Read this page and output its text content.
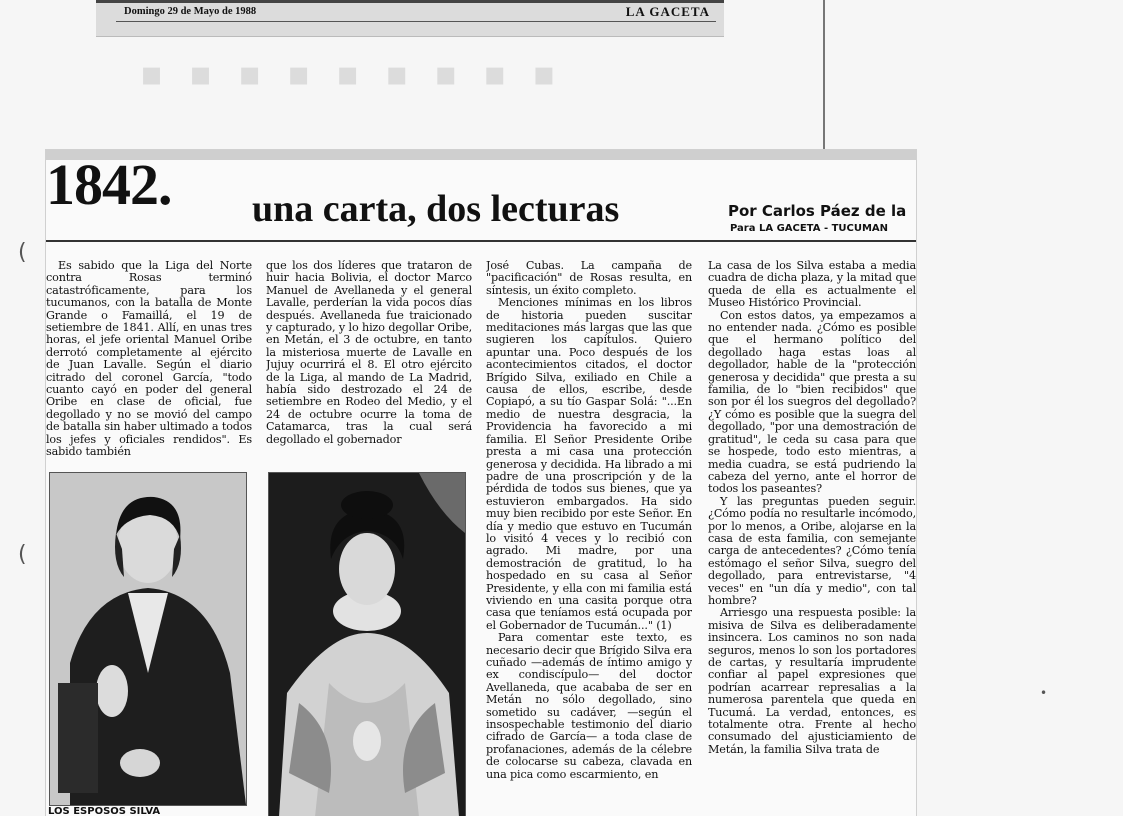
Domingo 29 de Mayo de 1988	LA GACETA
▪▪▪▪▪▪▪▪▪
(
(
•
1842. una carta, dos lecturas	Por Carlos Páez de la
Para LA GACETA - TUCUMAN

Es sabido que la Liga del Norte contra Rosas terminó catastróficamente, para los tucumanos, con la batalla de Monte Grande o Famaillá, el 19 de setiembre de 1841. Allí, en unas tres horas, el jefe oriental Manuel Oribe derrotó completamente al ejército de Juan Lavalle. Según el diario citrado del coronel García, "todo cuanto cayó en poder del general Oribe en clase de oficial, fue degollado y no se movió del campo de batalla sin haber ultimado a todos los jefes y oficiales rendidos". Es sabido también

que los dos líderes que trataron de huir hacia Bolivia, el doctor Marco Manuel de Avellaneda y el general Lavalle, perderían la vida pocos días después. Avellaneda fue traicionado y capturado, y lo hizo degollar Oribe, en Metán, el 3 de octubre, en tanto la misteriosa muerte de Lavalle en Jujuy ocurrirá el 8. El otro ejército de la Liga, al mando de La Madrid, había sido destrozado el 24 de setiembre en Rodeo del Medio, y el 24 de octubre ocurre la toma de Catamarca, tras la cual será degollado el gobernador

José Cubas. La campaña de "pacificación" de Rosas resulta, en síntesis, un éxito completo.

Menciones mínimas en los libros de historia pueden suscitar meditaciones más largas que las que sugieren los capítulos. Quiero apuntar una. Poco después de los acontecimientos citados, el doctor Brígido Silva, exiliado en Chile a causa de ellos, escribe, desde Copiapó, a su tío Gaspar Solá: "...En medio de nuestra desgracia, la Providencia ha favorecido a mi familia. El Señor Presidente Oribe presta a mi casa una protección generosa y decidida. Ha librado a mi padre de una proscripción y de la pérdida de todos sus bienes, que ya estuvieron embargados. Ha sido muy bien recibido por este Señor. En día y medio que estuvo en Tucumán lo visitó 4 veces y lo recibió con agrado. Mi madre, por una demostración de gratitud, lo ha hospedado en su casa al Señor Presidente, y ella con mi familia está viviendo en una casita porque otra casa que teníamos está ocupada por el Gobernador de Tucumán..." (1)

Para comentar este texto, es necesario decir que Brígido Silva era cuñado —además de íntimo amigo y ex condiscípulo— del doctor Avellaneda, que acababa de ser en Metán no sólo degollado, sino sometido su cadáver, —según el insospechable testimonio del diario cifrado de García— a toda clase de profanaciones, además de la célebre de colocarse su cabeza, clavada en una pica como escarmiento, en

La casa de los Silva estaba a media cuadra de dicha plaza, y la mitad que queda de ella es actualmente el Museo Histórico Provincial.

Con estos datos, ya empezamos a no entender nada. ¿Cómo es posible que el hermano político del degollado haga estas loas al degollador, hable de la "protección generosa y decidida" que presta a su familia, de lo "bien recibidos" que son por él los suegros del degollado? ¿Y cómo es posible que la suegra del degollado, "por una demostración de gratitud", le ceda su casa para que se hospede, todo esto mientras, a media cuadra, se está pudriendo la cabeza del yerno, ante el horror de todos los paseantes?

Y las preguntas pueden seguir. ¿Cómo podía no resultarle incómodo, por lo menos, a Oribe, alojarse en la casa de esta familia, con semejante carga de antecedentes? ¿Cómo tenía estómago el señor Silva, suegro del degollado, para entrevistarse, "4 veces" en "un día y medio", con tal hombre?

Arriesgo una respuesta posible: la misiva de Silva es deliberadamente insincera. Los caminos no son nada seguros, menos lo son los portadores de cartas, y resultaría imprudente confiar al papel expresiones que podrían acarrear represalias a la numerosa parentela que queda en Tucumá. La verdad, entonces, es totalmente otra. Frente al hecho consumado del ajusticiamiento de Metán, la familia Silva trata de

LOS ESPOSOS SILVA
